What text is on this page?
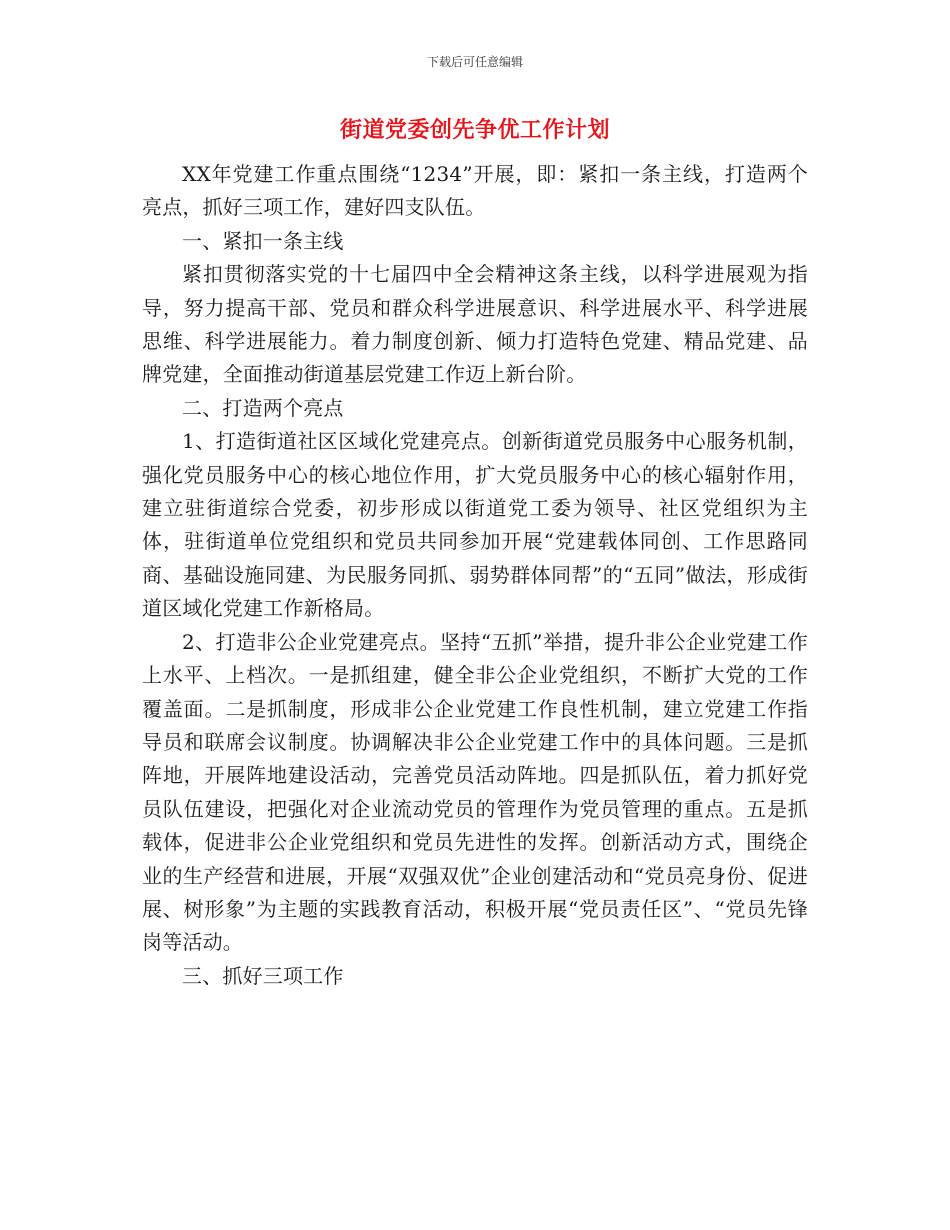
下载后可任意编辑
街道党委创先争优工作计划

XX年党建工作重点围绕“1234”开展，即：紧扣一条主线，打造两个亮点，抓好三项工作，建好四支队伍。

一、紧扣一条主线

紧扣贯彻落实党的十七届四中全会精神这条主线，以科学进展观为指导，努力提高干部、党员和群众科学进展意识、科学进展水平、科学进展思维、科学进展能力。着力制度创新、倾力打造特色党建、精品党建、品牌党建，全面推动街道基层党建工作迈上新台阶。

二、打造两个亮点

1、打造街道社区区域化党建亮点。创新街道党员服务中心服务机制，强化党员服务中心的核心地位作用，扩大党员服务中心的核心辐射作用，建立驻街道综合党委，初步形成以街道党工委为领导、社区党组织为主体，驻街道单位党组织和党员共同参加开展“党建载体同创、工作思路同商、基础设施同建、为民服务同抓、弱势群体同帮”的“五同”做法，形成街道区域化党建工作新格局。

2、打造非公企业党建亮点。坚持“五抓”举措，提升非公企业党建工作上水平、上档次。一是抓组建，健全非公企业党组织，不断扩大党的工作覆盖面。二是抓制度，形成非公企业党建工作良性机制，建立党建工作指导员和联席会议制度。协调解决非公企业党建工作中的具体问题。三是抓阵地，开展阵地建设活动，完善党员活动阵地。四是抓队伍，着力抓好党员队伍建设，把强化对企业流动党员的管理作为党员管理的重点。五是抓载体，促进非公企业党组织和党员先进性的发挥。创新活动方式，围绕企业的生产经营和进展，开展“双强双优”企业创建活动和“党员亮身份、促进展、树形象”为主题的实践教育活动，积极开展“党员责任区”、“党员先锋岗等活动。

三、抓好三项工作
